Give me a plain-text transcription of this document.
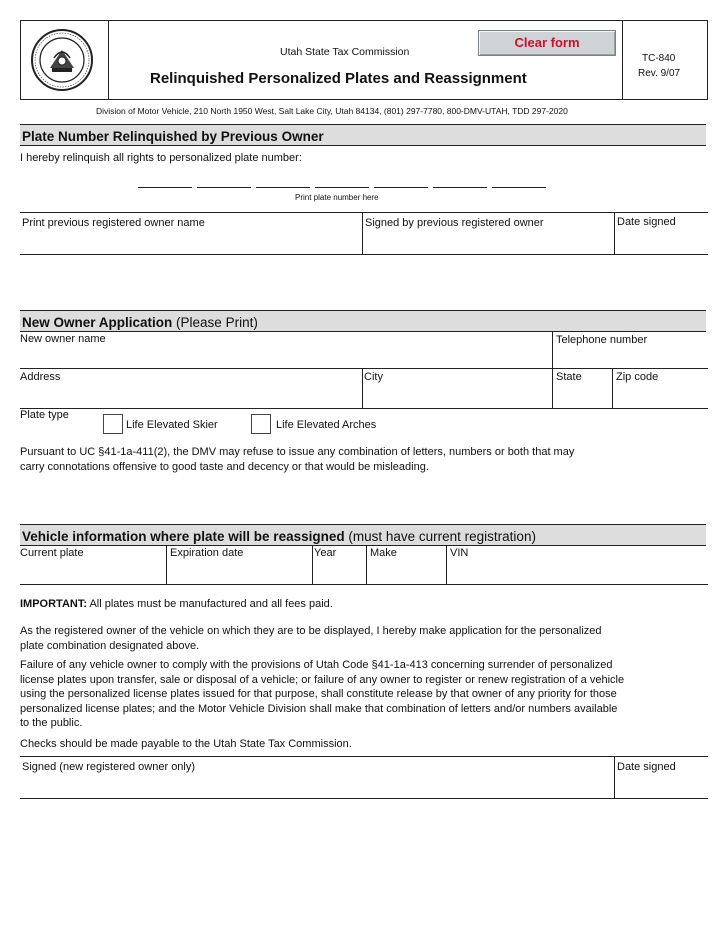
Utah State Tax Commission
Relinquished Personalized Plates and Reassignment
Clear form
TC-840
Rev. 9/07
Division of Motor Vehicle, 210 North 1950 West, Salt Lake City, Utah 84134, (801) 297-7780, 800-DMV-UTAH, TDD 297-2020
Plate Number Relinquished by Previous Owner
I hereby relinquish all rights to personalized plate number:
Print plate number here
Print previous registered owner name	Signed by previous registered owner	Date signed
New Owner Application (Please Print)
New owner name	Telephone number
Address	City	State	Zip code
Plate type
Life Elevated Skier	Life Elevated Arches
Pursuant to UC §41-1a-411(2), the DMV may refuse to issue any combination of letters, numbers or both that may
carry connotations offensive to good taste and decency or that would be misleading.
Vehicle information where plate will be reassigned (must have current registration)
Current plate	Expiration date	Year	Make	VIN
IMPORTANT: All plates must be manufactured and all fees paid.
As the registered owner of the vehicle on which they are to be displayed, I hereby make application for the personalized
plate combination designated above.
Failure of any vehicle owner to comply with the provisions of Utah Code §41-1a-413 concerning surrender of personalized
license plates upon transfer, sale or disposal of a vehicle; or failure of any owner to register or renew registration of a vehicle
using the personalized license plates issued for that purpose, shall constitute release by that owner of any priority for those
personalized license plates; and the Motor Vehicle Division shall make that combination of letters and/or numbers available
to the public.
Checks should be made payable to the Utah State Tax Commission.
Signed (new registered owner only)	Date signed
